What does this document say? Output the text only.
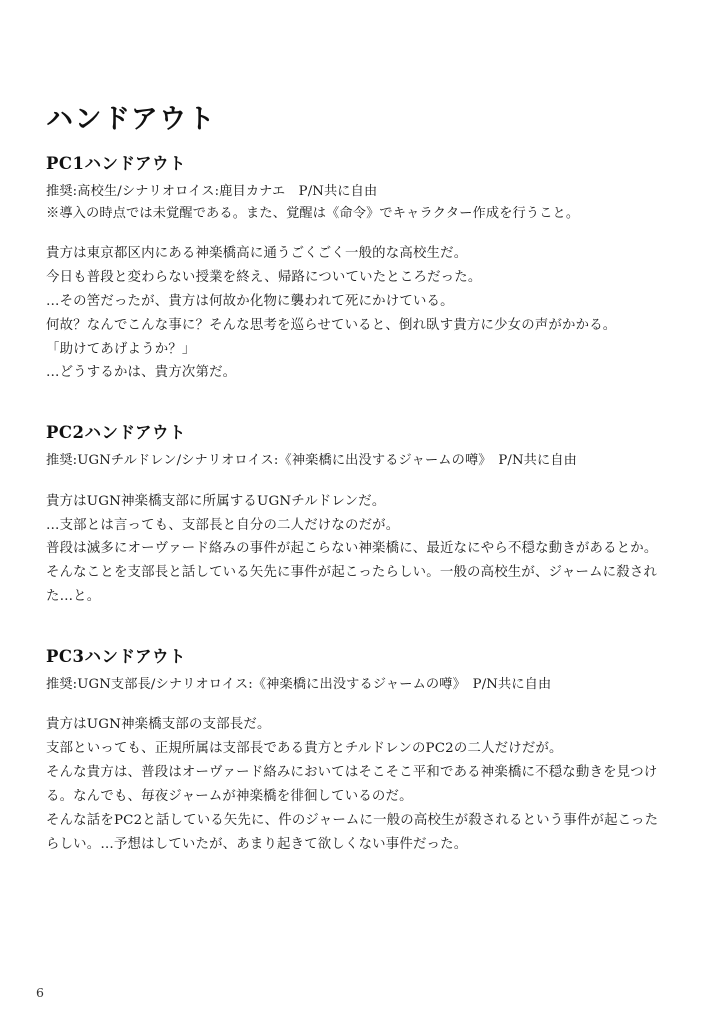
ハンドアウト
PC1ハンドアウト

推奨:高校生/シナリオロイス:鹿目カナエ　P/N共に自由

※導入の時点では未覚醒である。また、覚醒は《命令》でキャラクター作成を行うこと。

貴方は東京都区内にある神楽橋高に通うごくごく一般的な高校生だ。

今日も普段と変わらない授業を終え、帰路についていたところだった。

…その筈だったが、貴方は何故か化物に襲われて死にかけている。

何故？なんでこんな事に？そんな思考を巡らせていると、倒れ臥す貴方に少女の声がかかる。

「助けてあげようか？」

…どうするかは、貴方次第だ。

PC2ハンドアウト

推奨:UGNチルドレン/シナリオロイス:《神楽橋に出没するジャームの噂》　P/N共に自由

貴方はUGN神楽橋支部に所属するUGNチルドレンだ。

…支部とは言っても、支部長と自分の二人だけなのだが。

普段は滅多にオーヴァード絡みの事件が起こらない神楽橋に、最近なにやら不穏な動きがあるとか。

そんなことを支部長と話している矢先に事件が起こったらしい。一般の高校生が、ジャームに殺された…と。

PC3ハンドアウト

推奨:UGN支部長/シナリオロイス:《神楽橋に出没するジャームの噂》　P/N共に自由

貴方はUGN神楽橋支部の支部長だ。

支部といっても、正規所属は支部長である貴方とチルドレンのPC2の二人だけだが。

そんな貴方は、普段はオーヴァード絡みにおいてはそこそこ平和である神楽橋に不穏な動きを見つける。なんでも、毎夜ジャームが神楽橋を徘徊しているのだ。

そんな話をPC2と話している矢先に、件のジャームに一般の高校生が殺されるという事件が起こったらしい。…予想はしていたが、あまり起きて欲しくない事件だった。

6
